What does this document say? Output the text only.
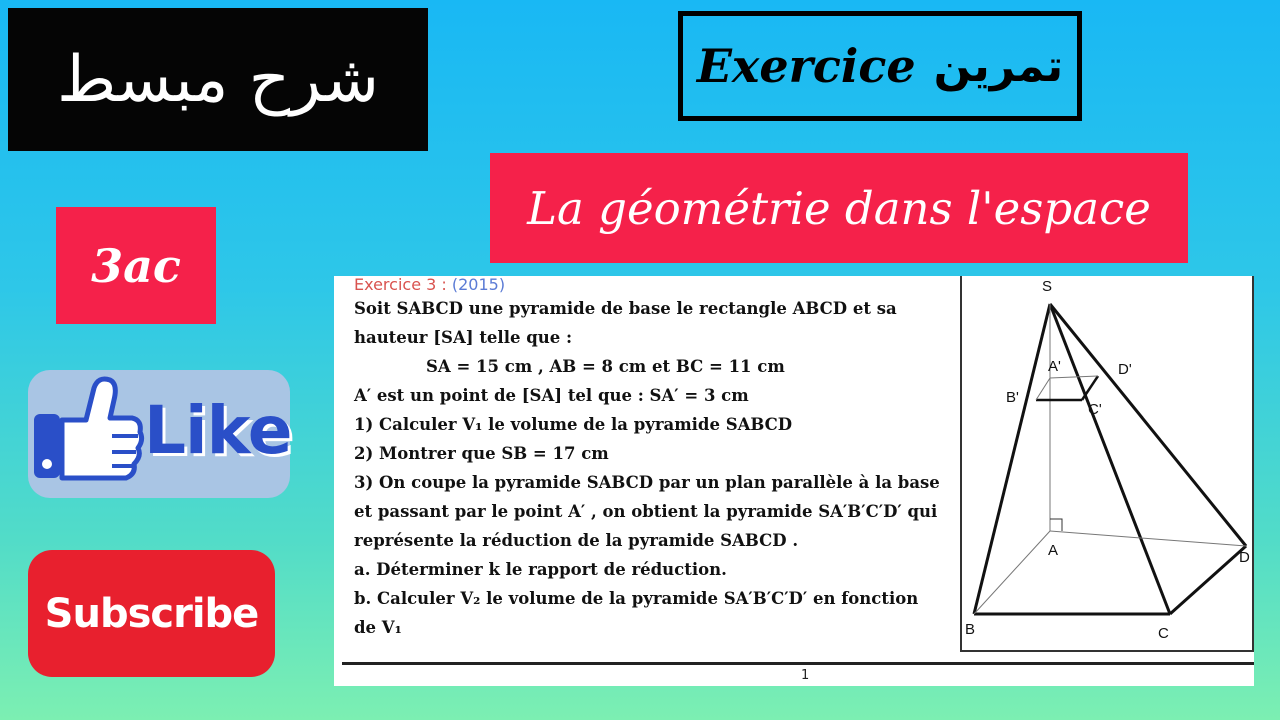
شرح مبسط	Exercice تمرين
La géométrie dans l'espace
3ac
Like
Subscribe
Exercice 3 : (2015)
Soit SABCD une pyramide de base le rectangle ABCD et sa
hauteur [SA] telle que :
SA = 15 cm , AB = 8 cm et BC = 11 cm
A′ est un point de [SA] tel que : SA′ = 3 cm
1) Calculer V₁ le volume de la pyramide SABCD
2) Montrer que SB = 17 cm
3) On coupe la pyramide SABCD par un plan parallèle à la base
et passant par le point A′ , on obtient la pyramide SA′B′C′D′ qui
représente la réduction de la pyramide SABCD .
a. Déterminer k le rapport de réduction.
b. Calculer V₂ le volume de la pyramide SA′B′C′D′ en fonction
de V₁
S
A'	D'
B'
C'
A
B	C
D
1
